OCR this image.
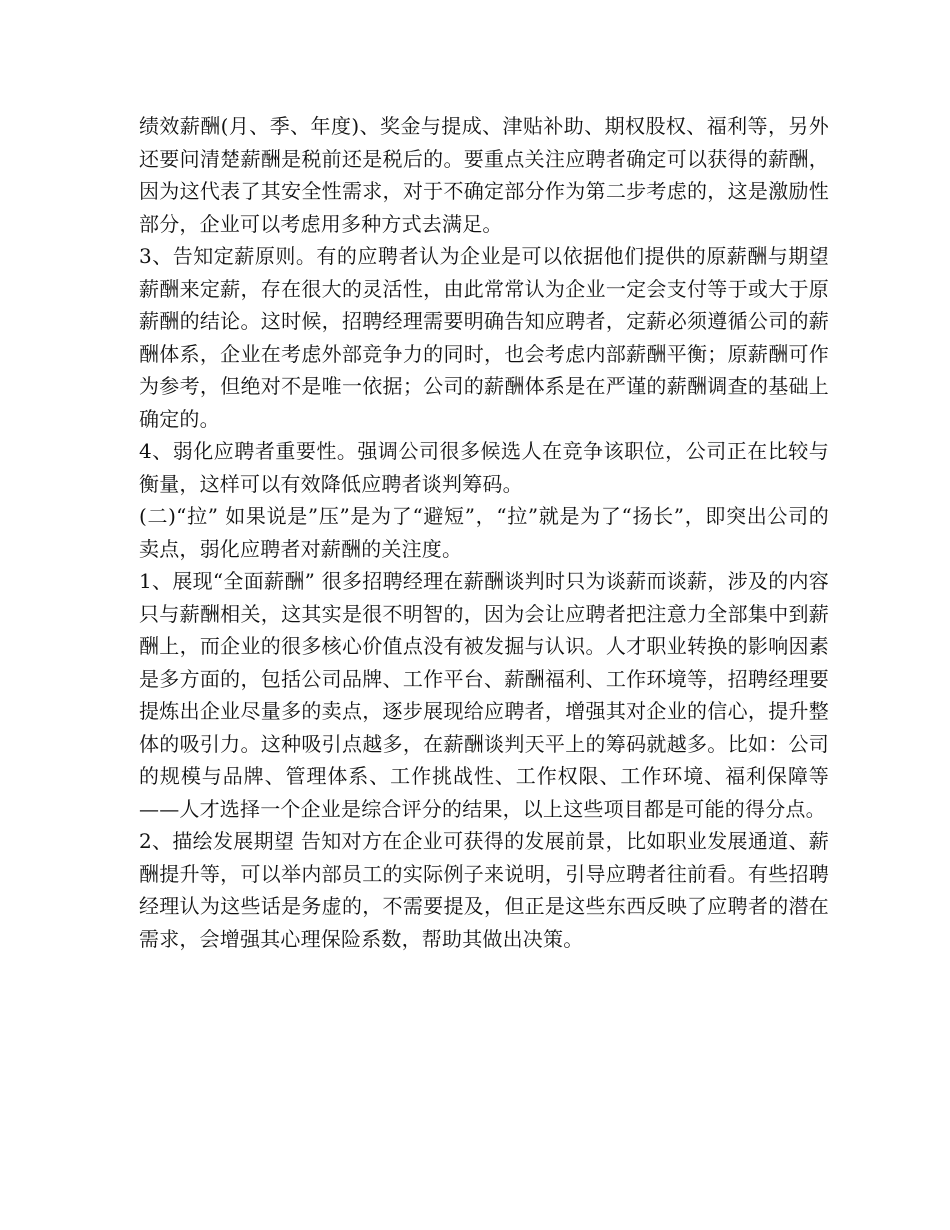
绩效薪酬(月、季、年度)、奖金与提成、津贴补助、期权股权、福利等，另外还要问清楚薪酬是税前还是税后的。要重点关注应聘者确定可以获得的薪酬，因为这代表了其安全性需求，对于不确定部分作为第二步考虑的，这是激励性部分，企业可以考虑用多种方式去满足。

3、告知定薪原则。有的应聘者认为企业是可以依据他们提供的原薪酬与期望薪酬来定薪，存在很大的灵活性，由此常常认为企业一定会支付等于或大于原薪酬的结论。这时候，招聘经理需要明确告知应聘者，定薪必须遵循公司的薪酬体系，企业在考虑外部竞争力的同时，也会考虑内部薪酬平衡；原薪酬可作为参考，但绝对不是唯一依据；公司的薪酬体系是在严谨的薪酬调查的基础上确定的。

4、弱化应聘者重要性。强调公司很多候选人在竞争该职位，公司正在比较与衡量，这样可以有效降低应聘者谈判筹码。

(二)“拉” 如果说是”压”是为了“避短”，“拉”就是为了“扬长”，即突出公司的卖点，弱化应聘者对薪酬的关注度。

1、展现“全面薪酬” 很多招聘经理在薪酬谈判时只为谈薪而谈薪，涉及的内容只与薪酬相关，这其实是很不明智的，因为会让应聘者把注意力全部集中到薪酬上，而企业的很多核心价值点没有被发掘与认识。人才职业转换的影响因素是多方面的，包括公司品牌、工作平台、薪酬福利、工作环境等，招聘经理要提炼出企业尽量多的卖点，逐步展现给应聘者，增强其对企业的信心，提升整体的吸引力。这种吸引点越多，在薪酬谈判天平上的筹码就越多。比如：公司的规模与品牌、管理体系、工作挑战性、工作权限、工作环境、福利保障等——人才选择一个企业是综合评分的结果，以上这些项目都是可能的得分点。

2、描绘发展期望 告知对方在企业可获得的发展前景，比如职业发展通道、薪酬提升等，可以举内部员工的实际例子来说明，引导应聘者往前看。有些招聘经理认为这些话是务虚的，不需要提及，但正是这些东西反映了应聘者的潜在需求，会增强其心理保险系数，帮助其做出决策。
